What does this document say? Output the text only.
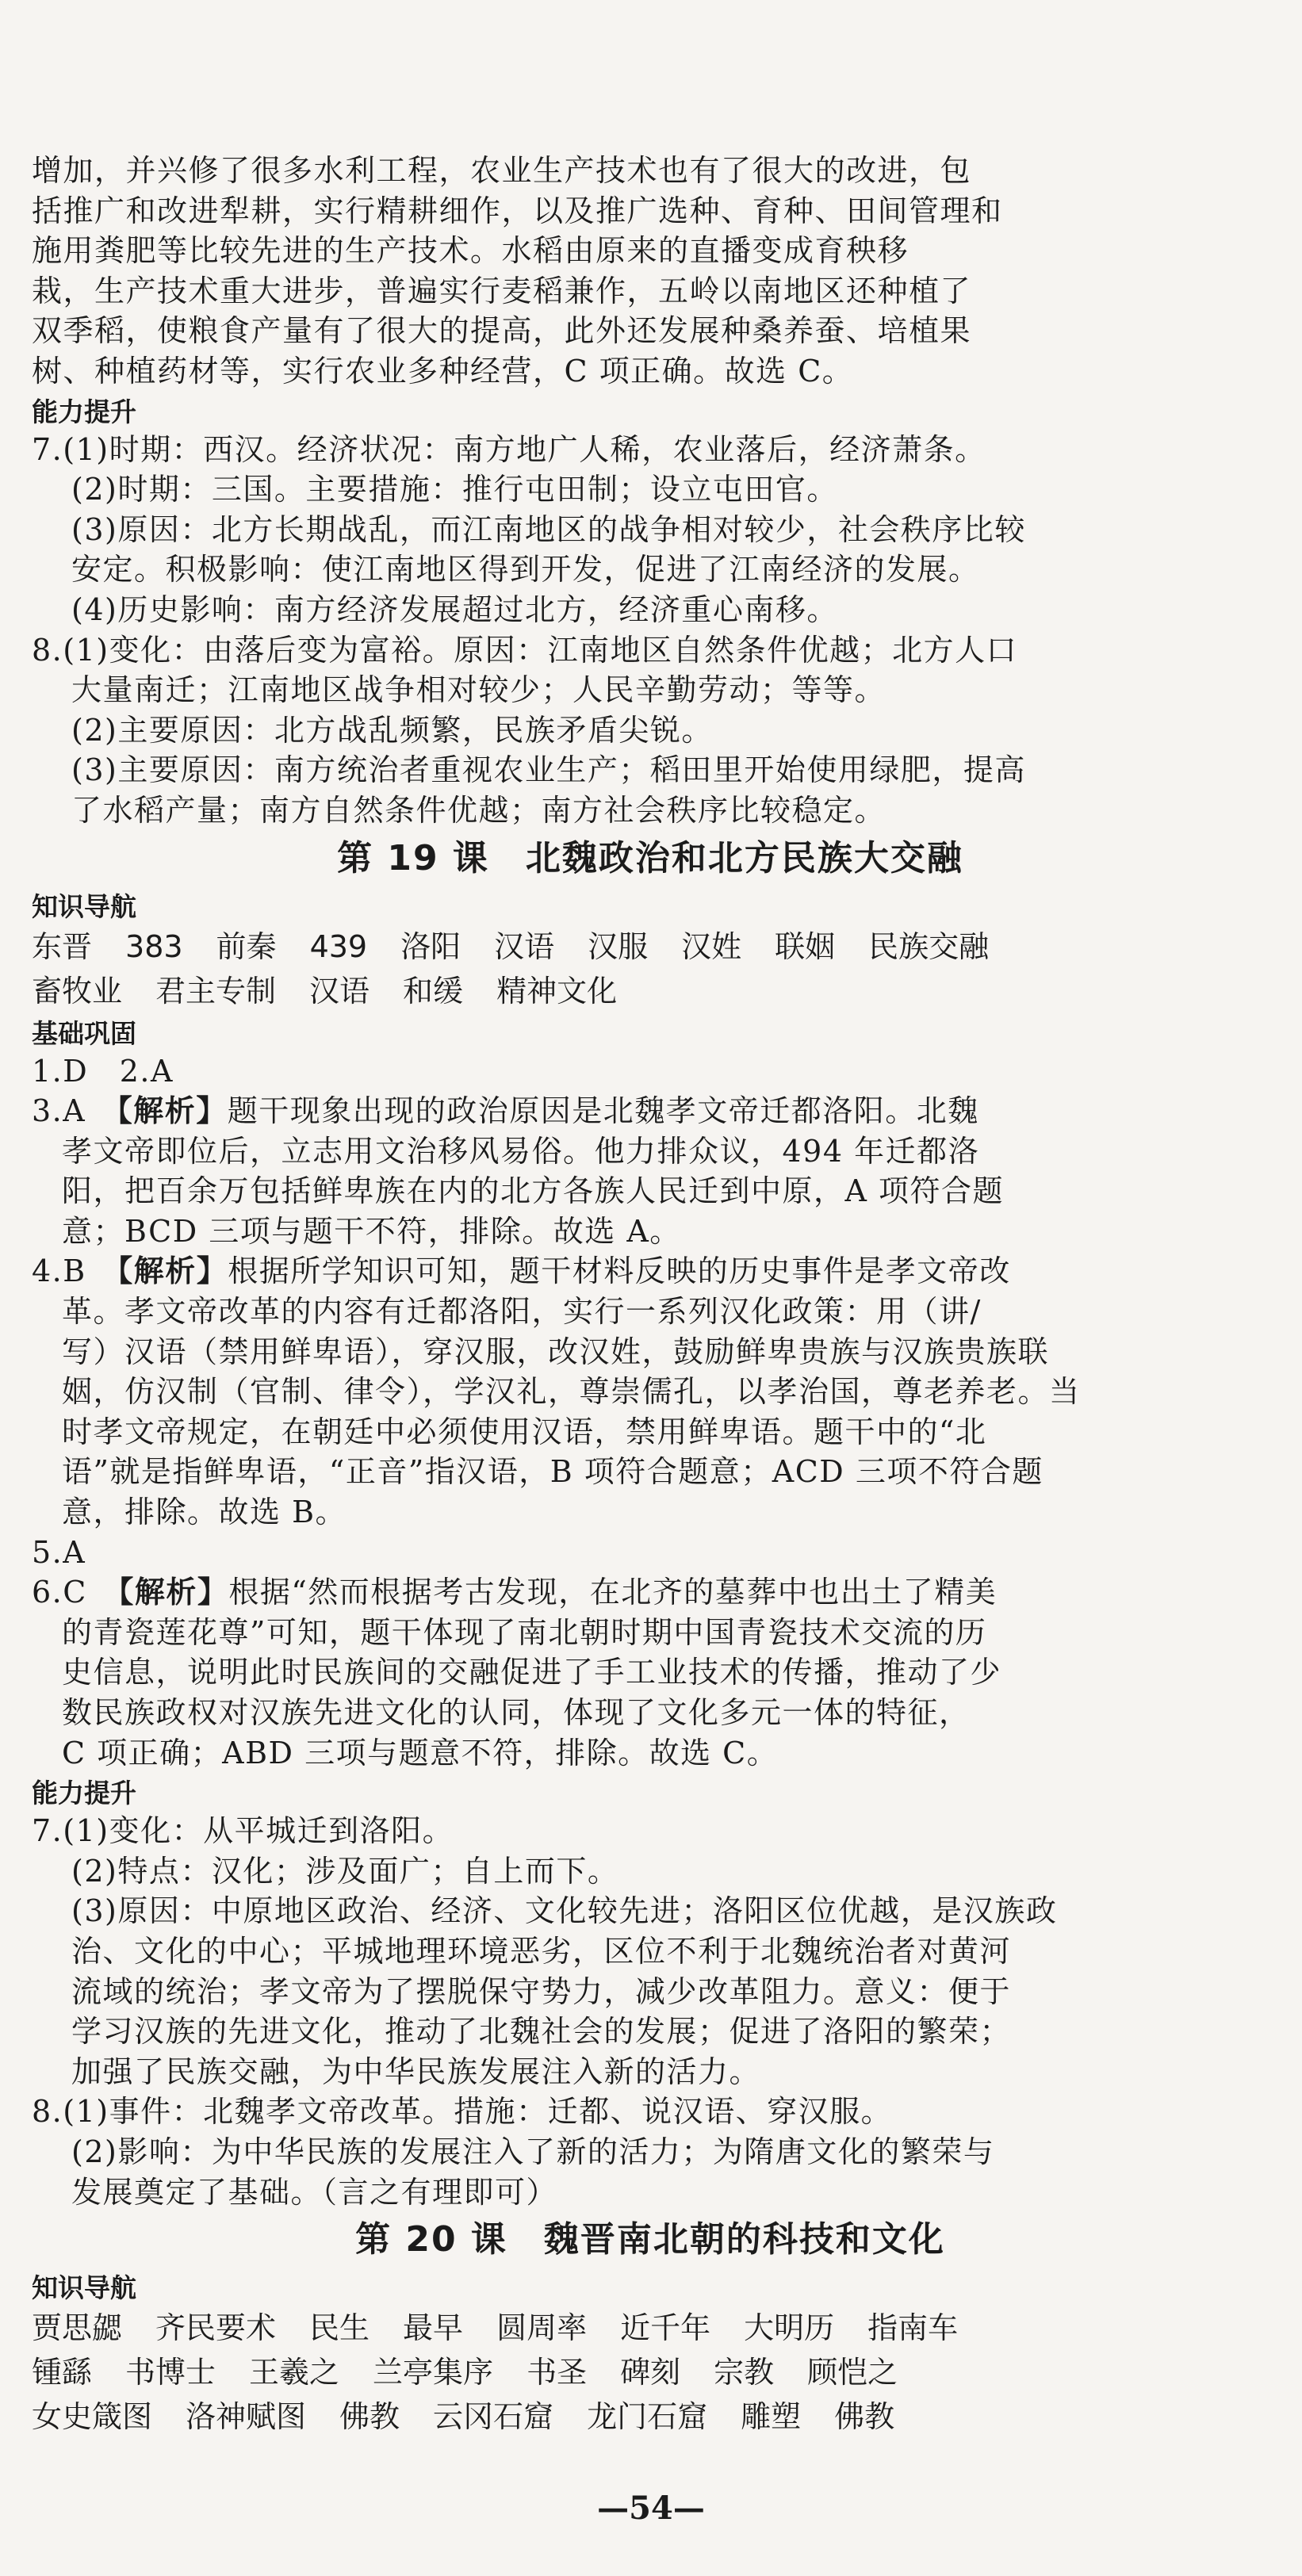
增加，并兴修了很多水利工程，农业生产技术也有了很大的改进，包
括推广和改进犁耕，实行精耕细作，以及推广选种、育种、田间管理和
施用粪肥等比较先进的生产技术。水稻由原来的直播变成育秧移
栽，生产技术重大进步，普遍实行麦稻兼作，五岭以南地区还种植了
双季稻，使粮食产量有了很大的提高，此外还发展种桑养蚕、培植果
树、种植药材等，实行农业多种经营，C 项正确。故选 C。
能力提升
7.(1)时期：西汉。经济状况：南方地广人稀，农业落后，经济萧条。
(2)时期：三国。主要措施：推行屯田制；设立屯田官。
(3)原因：北方长期战乱，而江南地区的战争相对较少，社会秩序比较
安定。积极影响：使江南地区得到开发，促进了江南经济的发展。
(4)历史影响：南方经济发展超过北方，经济重心南移。
8.(1)变化：由落后变为富裕。原因：江南地区自然条件优越；北方人口
大量南迁；江南地区战争相对较少；人民辛勤劳动；等等。
(2)主要原因：北方战乱频繁，民族矛盾尖锐。
(3)主要原因：南方统治者重视农业生产；稻田里开始使用绿肥，提高
了水稻产量；南方自然条件优越；南方社会秩序比较稳定。
第 19 课　北魏政治和北方民族大交融
知识导航
东晋 383 前秦 439 洛阳 汉语 汉服 汉姓 联姻 民族交融
畜牧业 君主专制 汉语 和缓 精神文化
基础巩固
1.D　2.A
3.A　 【解析】题干现象出现的政治原因是北魏孝文帝迁都洛阳。北魏
孝文帝即位后，立志用文治移风易俗。他力排众议，494 年迁都洛
阳，把百余万包括鲜卑族在内的北方各族人民迁到中原，A 项符合题
意；BCD 三项与题干不符，排除。故选 A。
4.B　 【解析】根据所学知识可知，题干材料反映的历史事件是孝文帝改
革。孝文帝改革的内容有迁都洛阳，实行一系列汉化政策：用（讲/
写）汉语（禁用鲜卑语），穿汉服，改汉姓，鼓励鲜卑贵族与汉族贵族联
姻，仿汉制（官制、律令），学汉礼，尊崇儒孔，以孝治国，尊老养老。当
时孝文帝规定，在朝廷中必须使用汉语，禁用鲜卑语。题干中的“北
语”就是指鲜卑语，“正音”指汉语，B 项符合题意；ACD 三项不符合题
意，排除。故选 B。
5.A
6.C　 【解析】根据“然而根据考古发现，在北齐的墓葬中也出土了精美
的青瓷莲花尊”可知，题干体现了南北朝时期中国青瓷技术交流的历
史信息，说明此时民族间的交融促进了手工业技术的传播，推动了少
数民族政权对汉族先进文化的认同，体现了文化多元一体的特征，
C 项正确；ABD 三项与题意不符，排除。故选 C。
能力提升
7.(1)变化：从平城迁到洛阳。
(2)特点：汉化；涉及面广；自上而下。
(3)原因：中原地区政治、经济、文化较先进；洛阳区位优越，是汉族政
治、文化的中心；平城地理环境恶劣，区位不利于北魏统治者对黄河
流域的统治；孝文帝为了摆脱保守势力，减少改革阻力。意义：便于
学习汉族的先进文化，推动了北魏社会的发展；促进了洛阳的繁荣；
加强了民族交融，为中华民族发展注入新的活力。
8.(1)事件：北魏孝文帝改革。措施：迁都、说汉语、穿汉服。
(2)影响：为中华民族的发展注入了新的活力；为隋唐文化的繁荣与
发展奠定了基础。（言之有理即可）
第 20 课　魏晋南北朝的科技和文化
知识导航
贾思勰 齐民要术 民生 最早 圆周率 近千年 大明历 指南车
锺繇 书博士 王羲之 兰亭集序 书圣 碑刻 宗教 顾恺之
女史箴图 洛神赋图 佛教 云冈石窟 龙门石窟 雕塑 佛教
—54—
